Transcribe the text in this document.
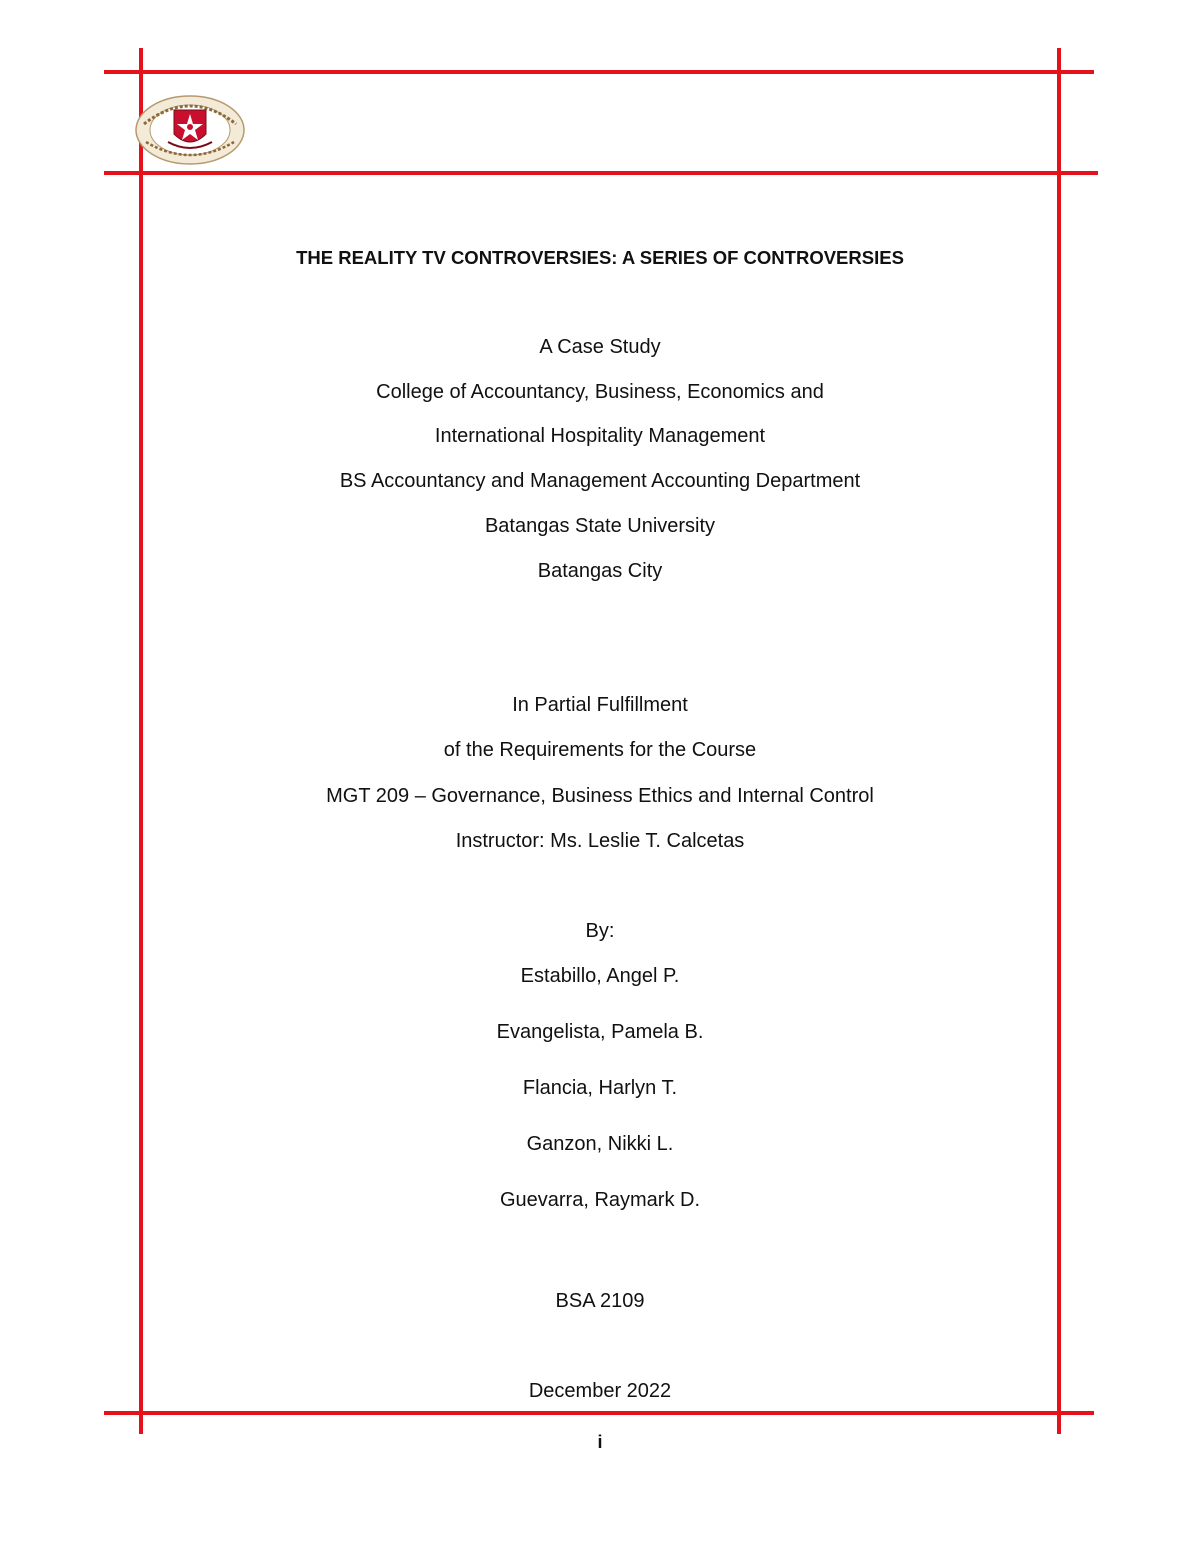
THE REALITY TV CONTROVERSIES: A SERIES OF CONTROVERSIES
A Case Study
College of Accountancy, Business, Economics and
International Hospitality Management
BS Accountancy and Management Accounting Department
Batangas State University
Batangas City
In Partial Fulfillment
of the Requirements for the Course
MGT 209 – Governance, Business Ethics and Internal Control
Instructor: Ms. Leslie T. Calcetas
By:
Estabillo, Angel P.
Evangelista, Pamela B.
Flancia, Harlyn T.
Ganzon, Nikki L.
Guevarra, Raymark D.
BSA 2109
December 2022
i
